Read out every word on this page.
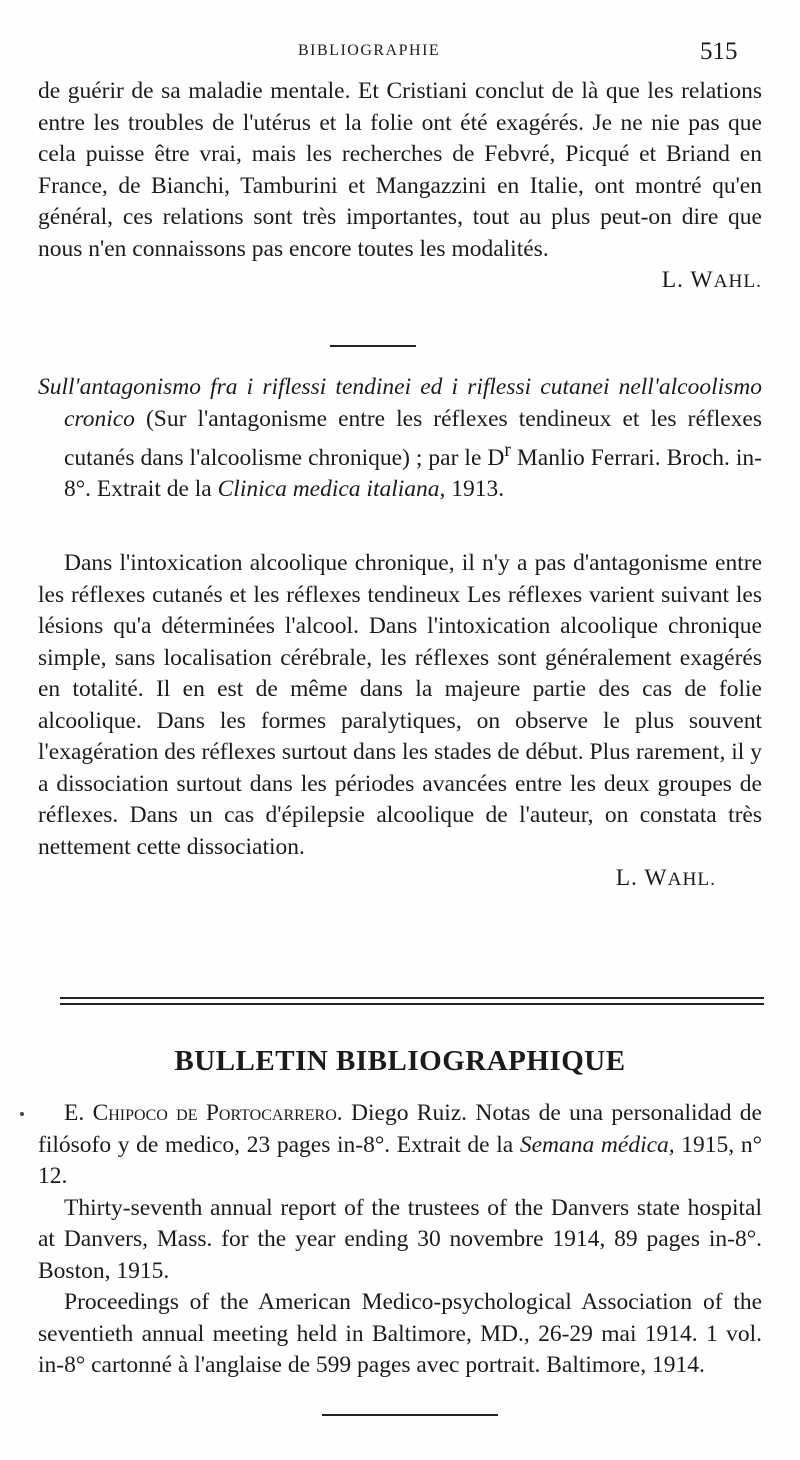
BIBLIOGRAPHIE	515

de guérir de sa maladie mentale. Et Cristiani conclut de là que les relations entre les troubles de l'utérus et la folie ont été exagérés. Je ne nie pas que cela puisse être vrai, mais les recherches de Febvré, Picqué et Briand en France, de Bianchi, Tamburini et Mangazzini en Italie, ont montré qu'en général, ces relations sont très importantes, tout au plus peut-on dire que nous n'en connaissons pas encore toutes les modalités.

L. WAHL.

Sull'antagonismo fra i riflessi tendinei ed i riflessi cutanei nell'alcoolismo cronico (Sur l'antagonisme entre les réflexes tendineux et les réflexes cutanés dans l'alcoolisme chronique) ; par le $D^r$ Manlio Ferrari. Broch. in-8°. Extrait de la Clinica medica italiana, 1913.

Dans l'intoxication alcoolique chronique, il n'y a pas d'antagonisme entre les réflexes cutanés et les réflexes tendineux Les réflexes varient suivant les lésions qu'a déterminées l'alcool. Dans l'intoxication alcoolique chronique simple, sans localisation cérébrale, les réflexes sont généralement exagérés en totalité. Il en est de même dans la majeure partie des cas de folie alcoolique. Dans les formes paralytiques, on observe le plus souvent l'exagération des réflexes surtout dans les stades de début. Plus rarement, il y a dissociation surtout dans les périodes avancées entre les deux groupes de réflexes. Dans un cas d'épilepsie alcoolique de l'auteur, on constata très nettement cette dissociation.

L. WAHL.

BULLETIN BIBLIOGRAPHIQUE

E. Chipoco de Portocarrero. Diego Ruiz. Notas de una personalidad de filósofo y de medico, 23 pages in-8°. Extrait de la Semana médica, 1915, n° 12.

Thirty-seventh annual report of the trustees of the Danvers state hospital at Danvers, Mass. for the year ending 30 novembre 1914, 89 pages in-8°. Boston, 1915.

Proceedings of the American Medico-psychological Association of the seventieth annual meeting held in Baltimore, MD., 26-29 mai 1914. 1 vol. in-8° cartonné à l'anglaise de 599 pages avec portrait. Baltimore, 1914.
